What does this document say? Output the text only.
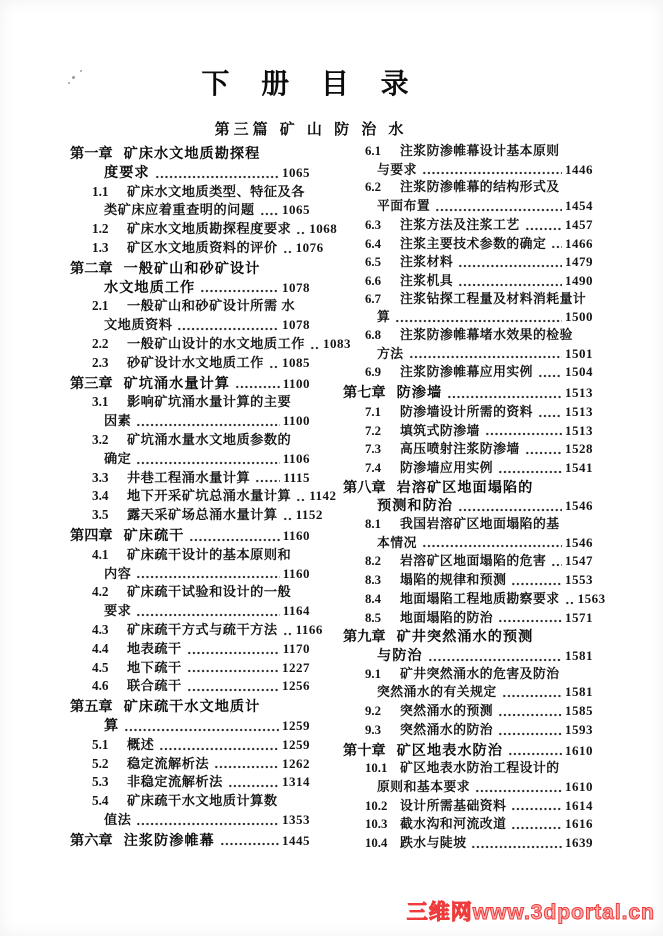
下 册 目 录
第三篇 矿 山 防 治 水
第一章 矿床水文地质勘探程
度要求	1065
1.1	矿床水文地质类型、特征及各
类矿床应着重查明的问题 1065
1.2	矿床水文地质勘探程度要求 1068
1.3	矿区水文地质资料的评价 1076
第二章 一般矿山和砂矿设计
水文地质工作	1078
2.1	一般矿山和砂矿设计所需 水
文地质资料	1078
2.2	一般矿山设计的水文地质工作 1083
2.3	砂矿设计水文地质工作 1085
第三章 矿坑涌水量计算	1100
3.1	影响矿坑涌水量计算的主要
因素	1100
3.2	矿坑涌水量水文地质参数的
确定	1106
3.3	井巷工程涌水量计算	1115
3.4	地下开采矿坑总涌水量计算 1142
3.5	露天采矿场总涌水量计算 1152
第四章 矿床疏干	1160
4.1	矿床疏干设计的基本原则和
内容	1160
4.2	矿床疏干试验和设计的一般
要求	1164
4.3	矿床疏干方式与疏干方法 1166
4.4	地表疏干	1170
4.5	地下疏干	1227
4.6	联合疏干	1256
第五章 矿床疏干水文地质计
算	1259
5.1	概述	1259
5.2	稳定流解析法	1262
5.3	非稳定流解析法	1314
5.4	矿床疏干水文地质计算数
值法	1353
第六章 注浆防渗帷幕	1445
6.1	注浆防渗帷幕设计基本原则
与要求	1446
6.2	注浆防渗帷幕的结构形式及
平面布置	1454
6.3	注浆方法及注浆工艺	1457
6.4	注浆主要技术参数的确定 1466
6.5	注浆材料	1479
6.6	注浆机具	1490
6.7	注浆钻探工程量及材料消耗量计
算	1500
6.8	注浆防渗帷幕堵水效果的检验
方法	1501
6.9	注浆防渗帷幕应用实例 1504
第七章 防渗墙	1513
7.1	防渗墙设计所需的资料 1513
7.2	填筑式防渗墙	1513
7.3	高压喷射注浆防渗墙	1528
7.4	防渗墙应用实例	1541
第八章 岩溶矿区地面塌陷的
预测和防治	1546
8.1	我国岩溶矿区地面塌陷的基
本情况	1546
8.2	岩溶矿区地面塌陷的危害 1547
8.3	塌陷的规律和预测	1553
8.4	地面塌陷工程地质勘察要求 1563
8.5	地面塌陷的防治	1571
第九章 矿井突然涌水的预测
与防治	1581
9.1	矿井突然涌水的危害及防治
突然涌水的有关规定	1581
9.2	突然涌水的预测	1585
9.3	突然涌水的防治	1593
第十章 矿区地表水防治	1610
10.1 矿区地表水防治工程设计的
原则和基本要求	1610
10.2 设计所需基础资料	1614
10.3 截水沟和河流改道	1616
10.4 跌水与陡坡	1639
三维网www.3dportal.cn
